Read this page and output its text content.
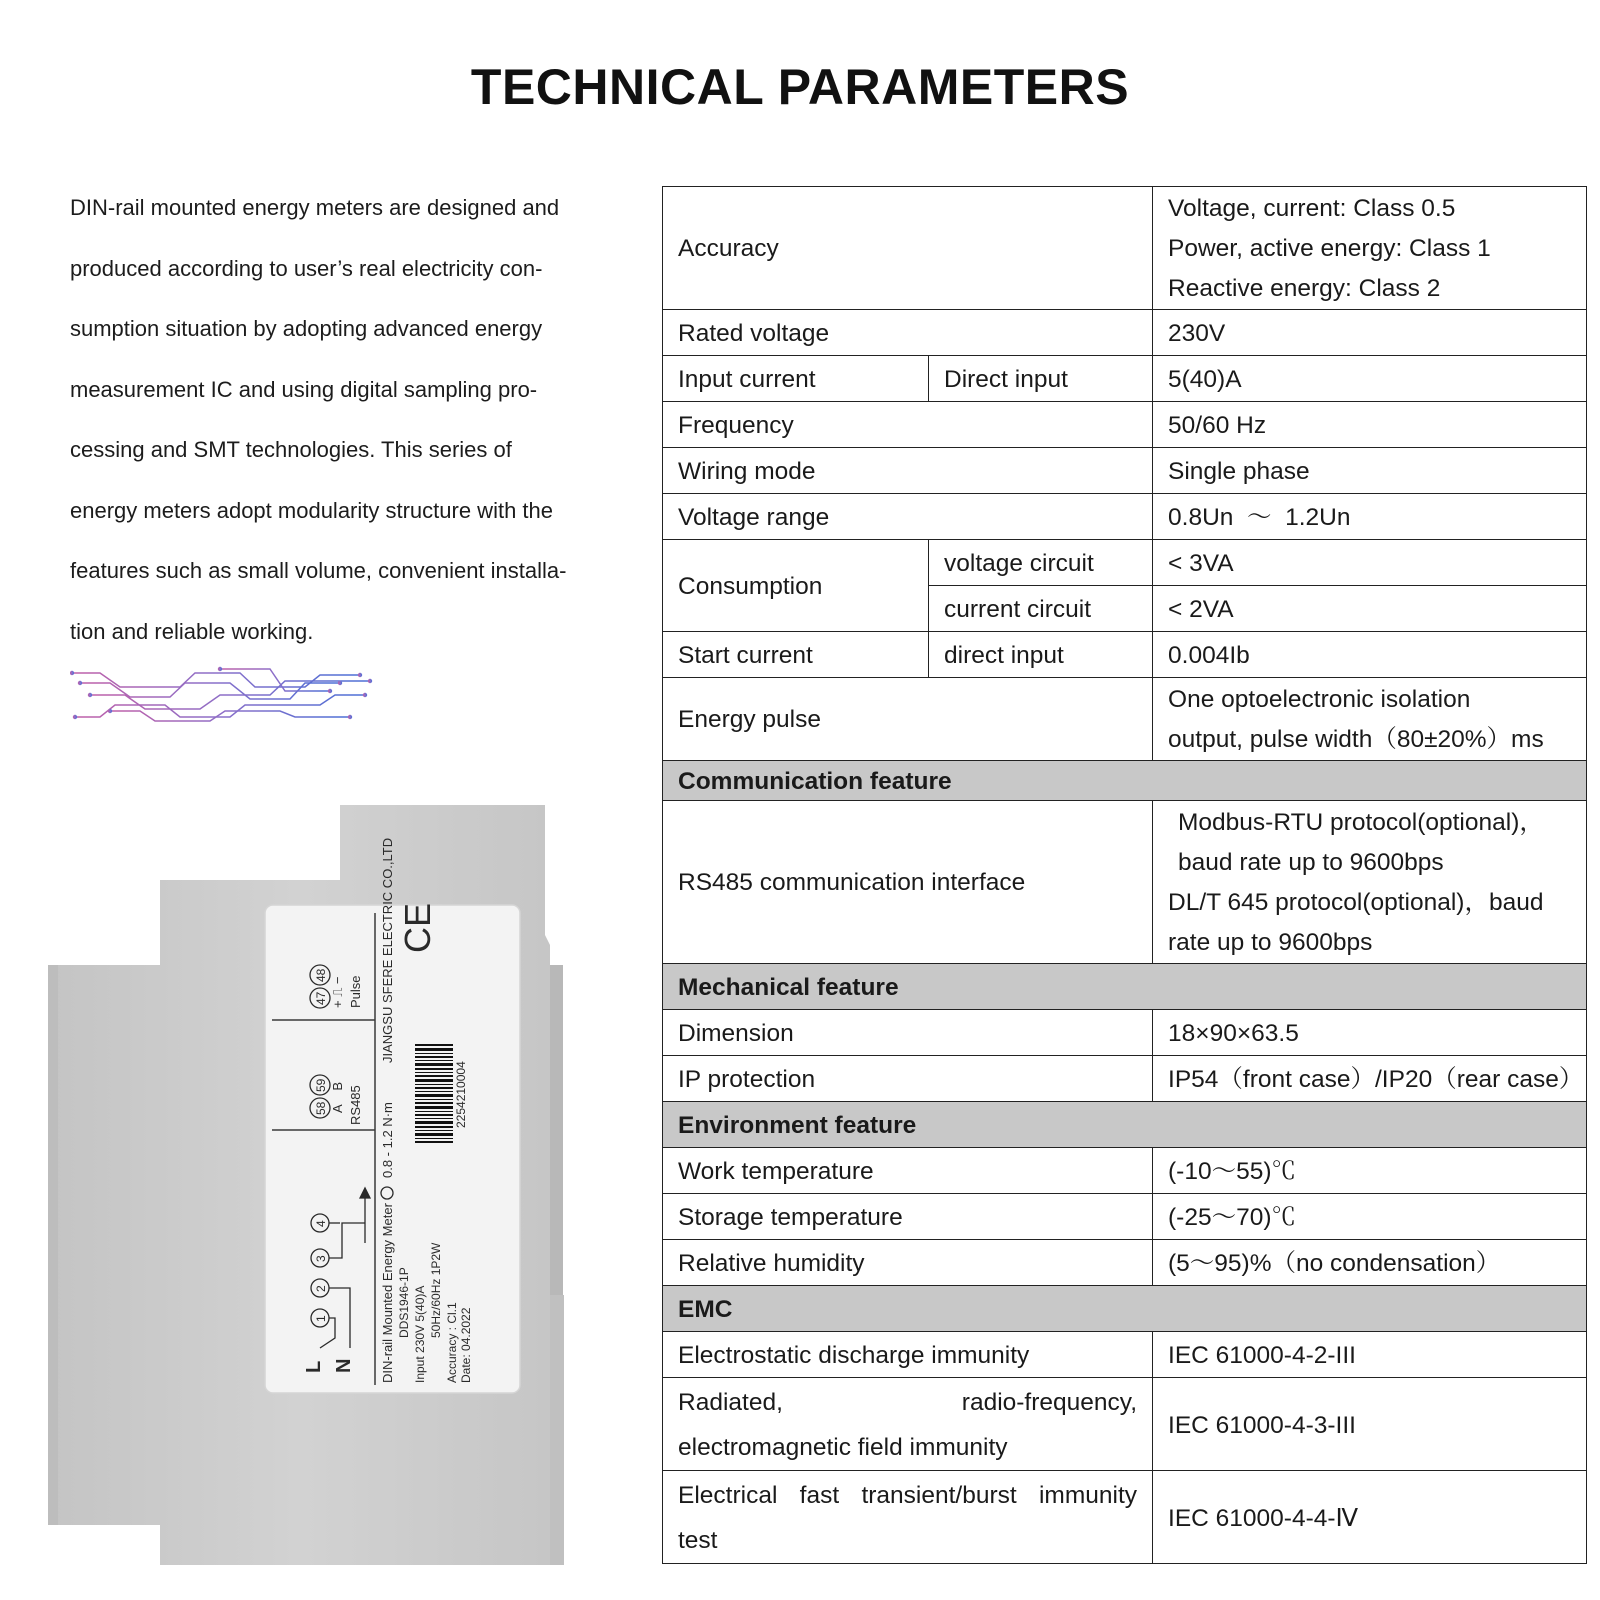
TECHNICAL PARAMETERS
DIN-rail mounted energy meters are designed and
produced according to user’s real electricity con-
sumption situation by adopting advanced energy
measurement IC and using digital sampling pro-
cessing and SMT technologies. This series of
energy meters adopt modularity structure with the
features such as small volume, convenient installa-
tion and reliable working.
L N
1
2
3
4
58
59 A    B RS485
47
48
+ ⎍ − Pulse
DIN-rail Mounted Energy Meter
0.8 - 1.2 N·m
JIANGSU SFERE ELECTRIC CO.,LTD
DDS1946-1P Input 230V 5(40)A 50Hz/60Hz 1P2W
Accuracy : Cl.1 Date: 04.2022
2254210004
CE
Accuracy		Voltage, current: Class 0.5
Power, active energy: Class 1
Reactive energy: Class 2

Rated voltage		230V
Input current	Direct input	5(40)A
Frequency		50/60 Hz
Wiring mode		Single phase
Voltage range		0.8Un  ～  1.2Un
Consumption	voltage circuit	< 3VA
	current circuit	< 2VA
Start current	direct input	0.004Ib
Energy pulse		One optoelectronic isolation
output, pulse width（80±20%）ms

Communication feature		
RS485 communication interface		Modbus-RTU protocol(optional)，
baud rate up to 9600bps
DL/T 645 protocol(optional)，baud
rate up to 9600bps

Mechanical feature		
Dimension		18×90×63.5
IP protection		IP54（front case）/IP20（rear case）
Environment feature		
Work temperature		(-10～55)℃
Storage temperature		(-25～70)℃
Relative humidity		(5～95)%（no condensation）
EMC		
Electrostatic discharge immunity		IEC 61000-4-2-III

Radiated, radio-frequency,
electromagnetic field immunity		IEC 61000-4-3-III

Electrical fast transient/burst immunity
test		IEC 61000-4-4-Ⅳ
